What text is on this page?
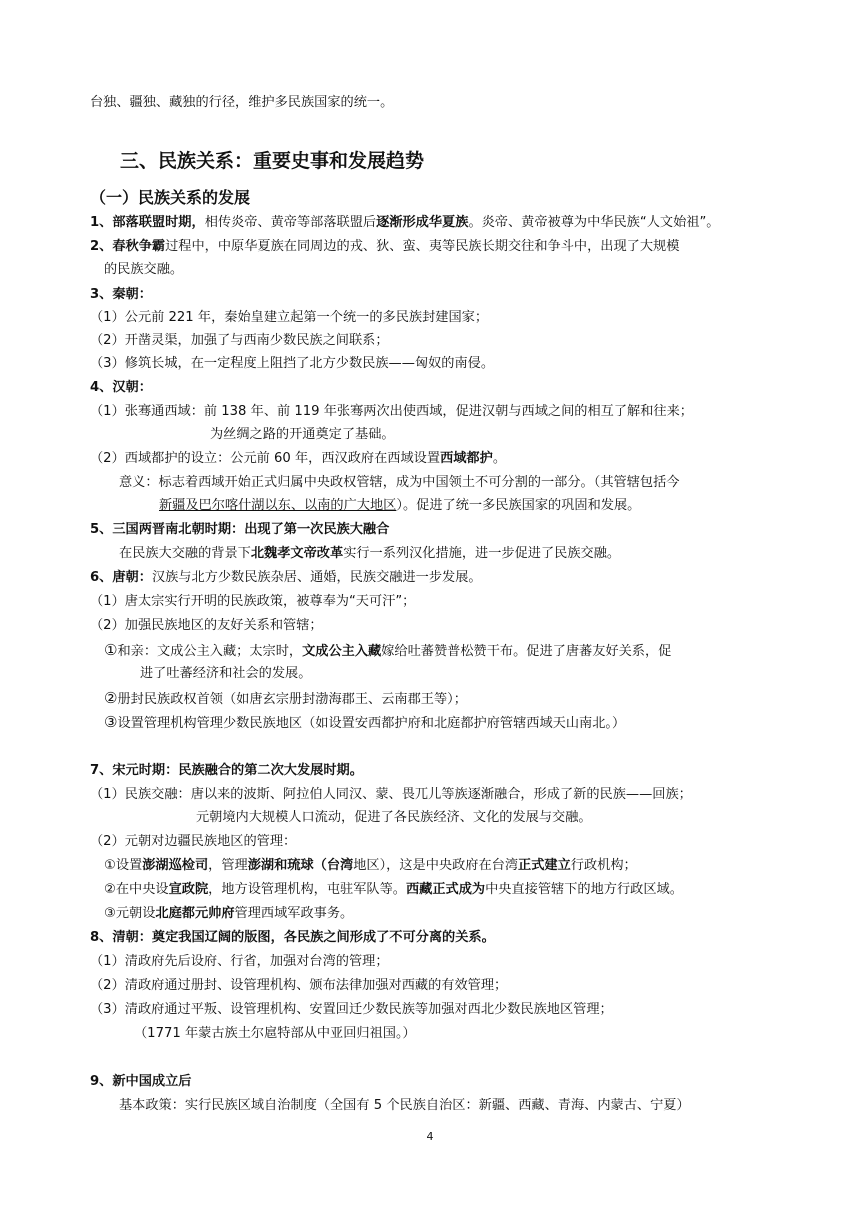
台独、疆独、藏独的行径，维护多民族国家的统一。
三、民族关系：重要史事和发展趋势
（一）民族关系的发展
1、部落联盟时期，相传炎帝、黄帝等部落联盟后逐渐形成华夏族。炎帝、黄帝被尊为中华民族“人文始祖”。
2、春秋争霸过程中，中原华夏族在同周边的戎、狄、蛮、夷等民族长期交往和争斗中，出现了大规模
的民族交融。
3、秦朝：
（1）公元前 221 年，秦始皇建立起第一个统一的多民族封建国家；
（2）开凿灵渠，加强了与西南少数民族之间联系；
（3）修筑长城，在一定程度上阻挡了北方少数民族——匈奴的南侵。
4、汉朝：
（1）张骞通西域：前 138 年、前 119 年张骞两次出使西域，促进汉朝与西域之间的相互了解和往来；
为丝绸之路的开通奠定了基础。
（2）西域都护的设立：公元前 60 年，西汉政府在西域设置西域都护。
意义：标志着西域开始正式归属中央政权管辖，成为中国领土不可分割的一部分。（其管辖包括今
新疆及巴尔喀什湖以东、以南的广大地区）。促进了统一多民族国家的巩固和发展。
5、三国两晋南北朝时期：出现了第一次民族大融合
在民族大交融的背景下北魏孝文帝改革实行一系列汉化措施，进一步促进了民族交融。
6、唐朝：汉族与北方少数民族杂居、通婚，民族交融进一步发展。
（1）唐太宗实行开明的民族政策，被尊奉为“天可汗”；
（2）加强民族地区的友好关系和管辖；
①和亲：文成公主入藏；太宗时，文成公主入藏嫁给吐蕃赞普松赞干布。促进了唐蕃友好关系，促
进了吐蕃经济和社会的发展。
②册封民族政权首领（如唐玄宗册封渤海郡王、云南郡王等）；
③设置管理机构管理少数民族地区（如设置安西都护府和北庭都护府管辖西域天山南北。）
7、宋元时期：民族融合的第二次大发展时期。
（1）民族交融：唐以来的波斯、阿拉伯人同汉、蒙、畏兀儿等族逐渐融合，形成了新的民族——回族；
元朝境内大规模人口流动，促进了各民族经济、文化的发展与交融。
（2）元朝对边疆民族地区的管理：
①设置澎湖巡检司，管理澎湖和琉球（台湾地区），这是中央政府在台湾正式建立行政机构；
②在中央设宣政院，地方设管理机构，屯驻军队等。西藏正式成为中央直接管辖下的地方行政区域。
③元朝设北庭都元帅府管理西域军政事务。
8、清朝：奠定我国辽阔的版图，各民族之间形成了不可分离的关系。
（1）清政府先后设府、行省，加强对台湾的管理；
（2）清政府通过册封、设管理机构、颁布法律加强对西藏的有效管理；
（3）清政府通过平叛、设管理机构、安置回迁少数民族等加强对西北少数民族地区管理；
（1771 年蒙古族土尔扈特部从中亚回归祖国。）
9、新中国成立后
基本政策：实行民族区域自治制度（全国有 5 个民族自治区：新疆、西藏、青海、内蒙古、宁夏）
4
